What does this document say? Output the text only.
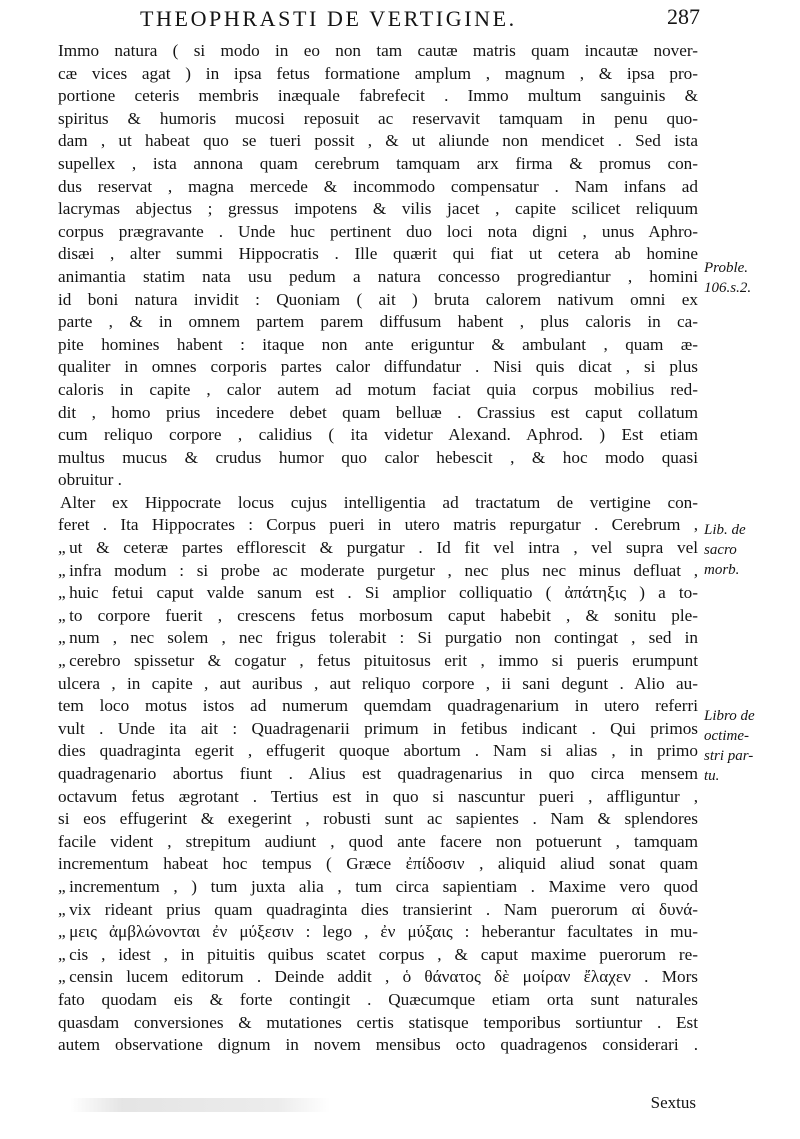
THEOPHRASTI DE VERTIGINE.	287
Immo natura ( si modo in eo non tam cautæ matris quam incautæ nover-
cæ vices agat ) in ipsa fetus formatione amplum , magnum , & ipsa pro-
portione ceteris membris inæquale fabrefecit . Immo multum sanguinis &
spiritus & humoris mucosi reposuit ac reservavit tamquam in penu quo-
dam , ut habeat quo se tueri possit , & ut aliunde non mendicet . Sed ista
supellex , ista annona quam cerebrum tamquam arx firma & promus con-
dus reservat , magna mercede & incommodo compensatur . Nam infans ad
lacrymas abjectus ; gressus impotens & vilis jacet , capite scilicet reliquum
corpus prægravante . Unde huc pertinent duo loci nota digni , unus Aphro-
disæi , alter summi Hippocratis . Ille quærit qui fiat ut cetera ab homine
animantia statim nata usu pedum a natura concesso progrediantur , homini
id boni natura invidit : Quoniam ( ait ) bruta calorem nativum omni ex
parte , & in omnem partem parem diffusum habent , plus caloris in ca-
pite homines habent : itaque non ante eriguntur & ambulant , quam æ-
qualiter in omnes corporis partes calor diffundatur . Nisi quis dicat , si plus
caloris in capite , calor autem ad motum faciat quia corpus mobilius red-
dit , homo prius incedere debet quam belluæ . Crassius est caput collatum
cum reliquo corpore , calidius ( ita videtur Alexand. Aphrod. ) Est etiam
multus mucus & crudus humor quo calor hebescit , & hoc modo quasi
obruitur .
Alter ex Hippocrate locus cujus intelligentia ad tractatum de vertigine con-
feret . Ita Hippocrates : Corpus pueri in utero matris repurgatur . Cerebrum ,
„ ut & ceteræ partes efflorescit & purgatur . Id fit vel intra , vel supra vel
„ infra modum : si probe ac moderate purgetur , nec plus nec minus defluat ,
„ huic fetui caput valde sanum est . Si amplior colliquatio ( ἀπάτηξις ) a to-
„ to corpore fuerit , crescens fetus morbosum caput habebit , & sonitu ple-
„ num , nec solem , nec frigus tolerabit : Si purgatio non contingat , sed in
„ cerebro spissetur & cogatur , fetus pituitosus erit , immo si pueris erumpunt
ulcera , in capite , aut auribus , aut reliquo corpore , ii sani degunt . Alio au-
tem loco motus istos ad numerum quemdam quadragenarium in utero referri
vult . Unde ita ait : Quadragenarii primum in fetibus indicant . Qui primos
dies quadraginta egerit , effugerit quoque abortum . Nam si alias , in primo
quadragenario abortus fiunt . Alius est quadragenarius in quo circa mensem
octavum fetus ægrotant . Tertius est in quo si nascuntur pueri , affliguntur ,
si eos effugerint & exegerint , robusti sunt ac sapientes . Nam & splendores
facile vident , strepitum audiunt , quod ante facere non potuerunt , tamquam
incrementum habeat hoc tempus ( Græce ἐπίδοσιν , aliquid aliud sonat quam
„ incrementum , ) tum juxta alia , tum circa sapientiam . Maxime vero quod
„ vix rideant prius quam quadraginta dies transierint . Nam puerorum αἱ δυνά-
„ μεις ἀμβλώνονται ἐν μύξεσιν : lego , ἐν μύξαις : heberantur facultates in mu-
„ cis , idest , in pituitis quibus scatet corpus , & caput maxime puerorum re-
„ censin lucem editorum . Deinde addit , ὁ θάνατος δὲ μοίραν ἔλαχεν . Mors
fato quodam eis & forte contingit . Quæcumque etiam orta sunt naturales
quasdam conversiones & mutationes certis statisque temporibus sortiuntur . Est
autem observatione dignum in novem mensibus octo quadragenos considerari .
Proble.
106.s.2.
Lib. de
sacro
morb.
Libro de
octime-
stri par-
tu.
Sextus
